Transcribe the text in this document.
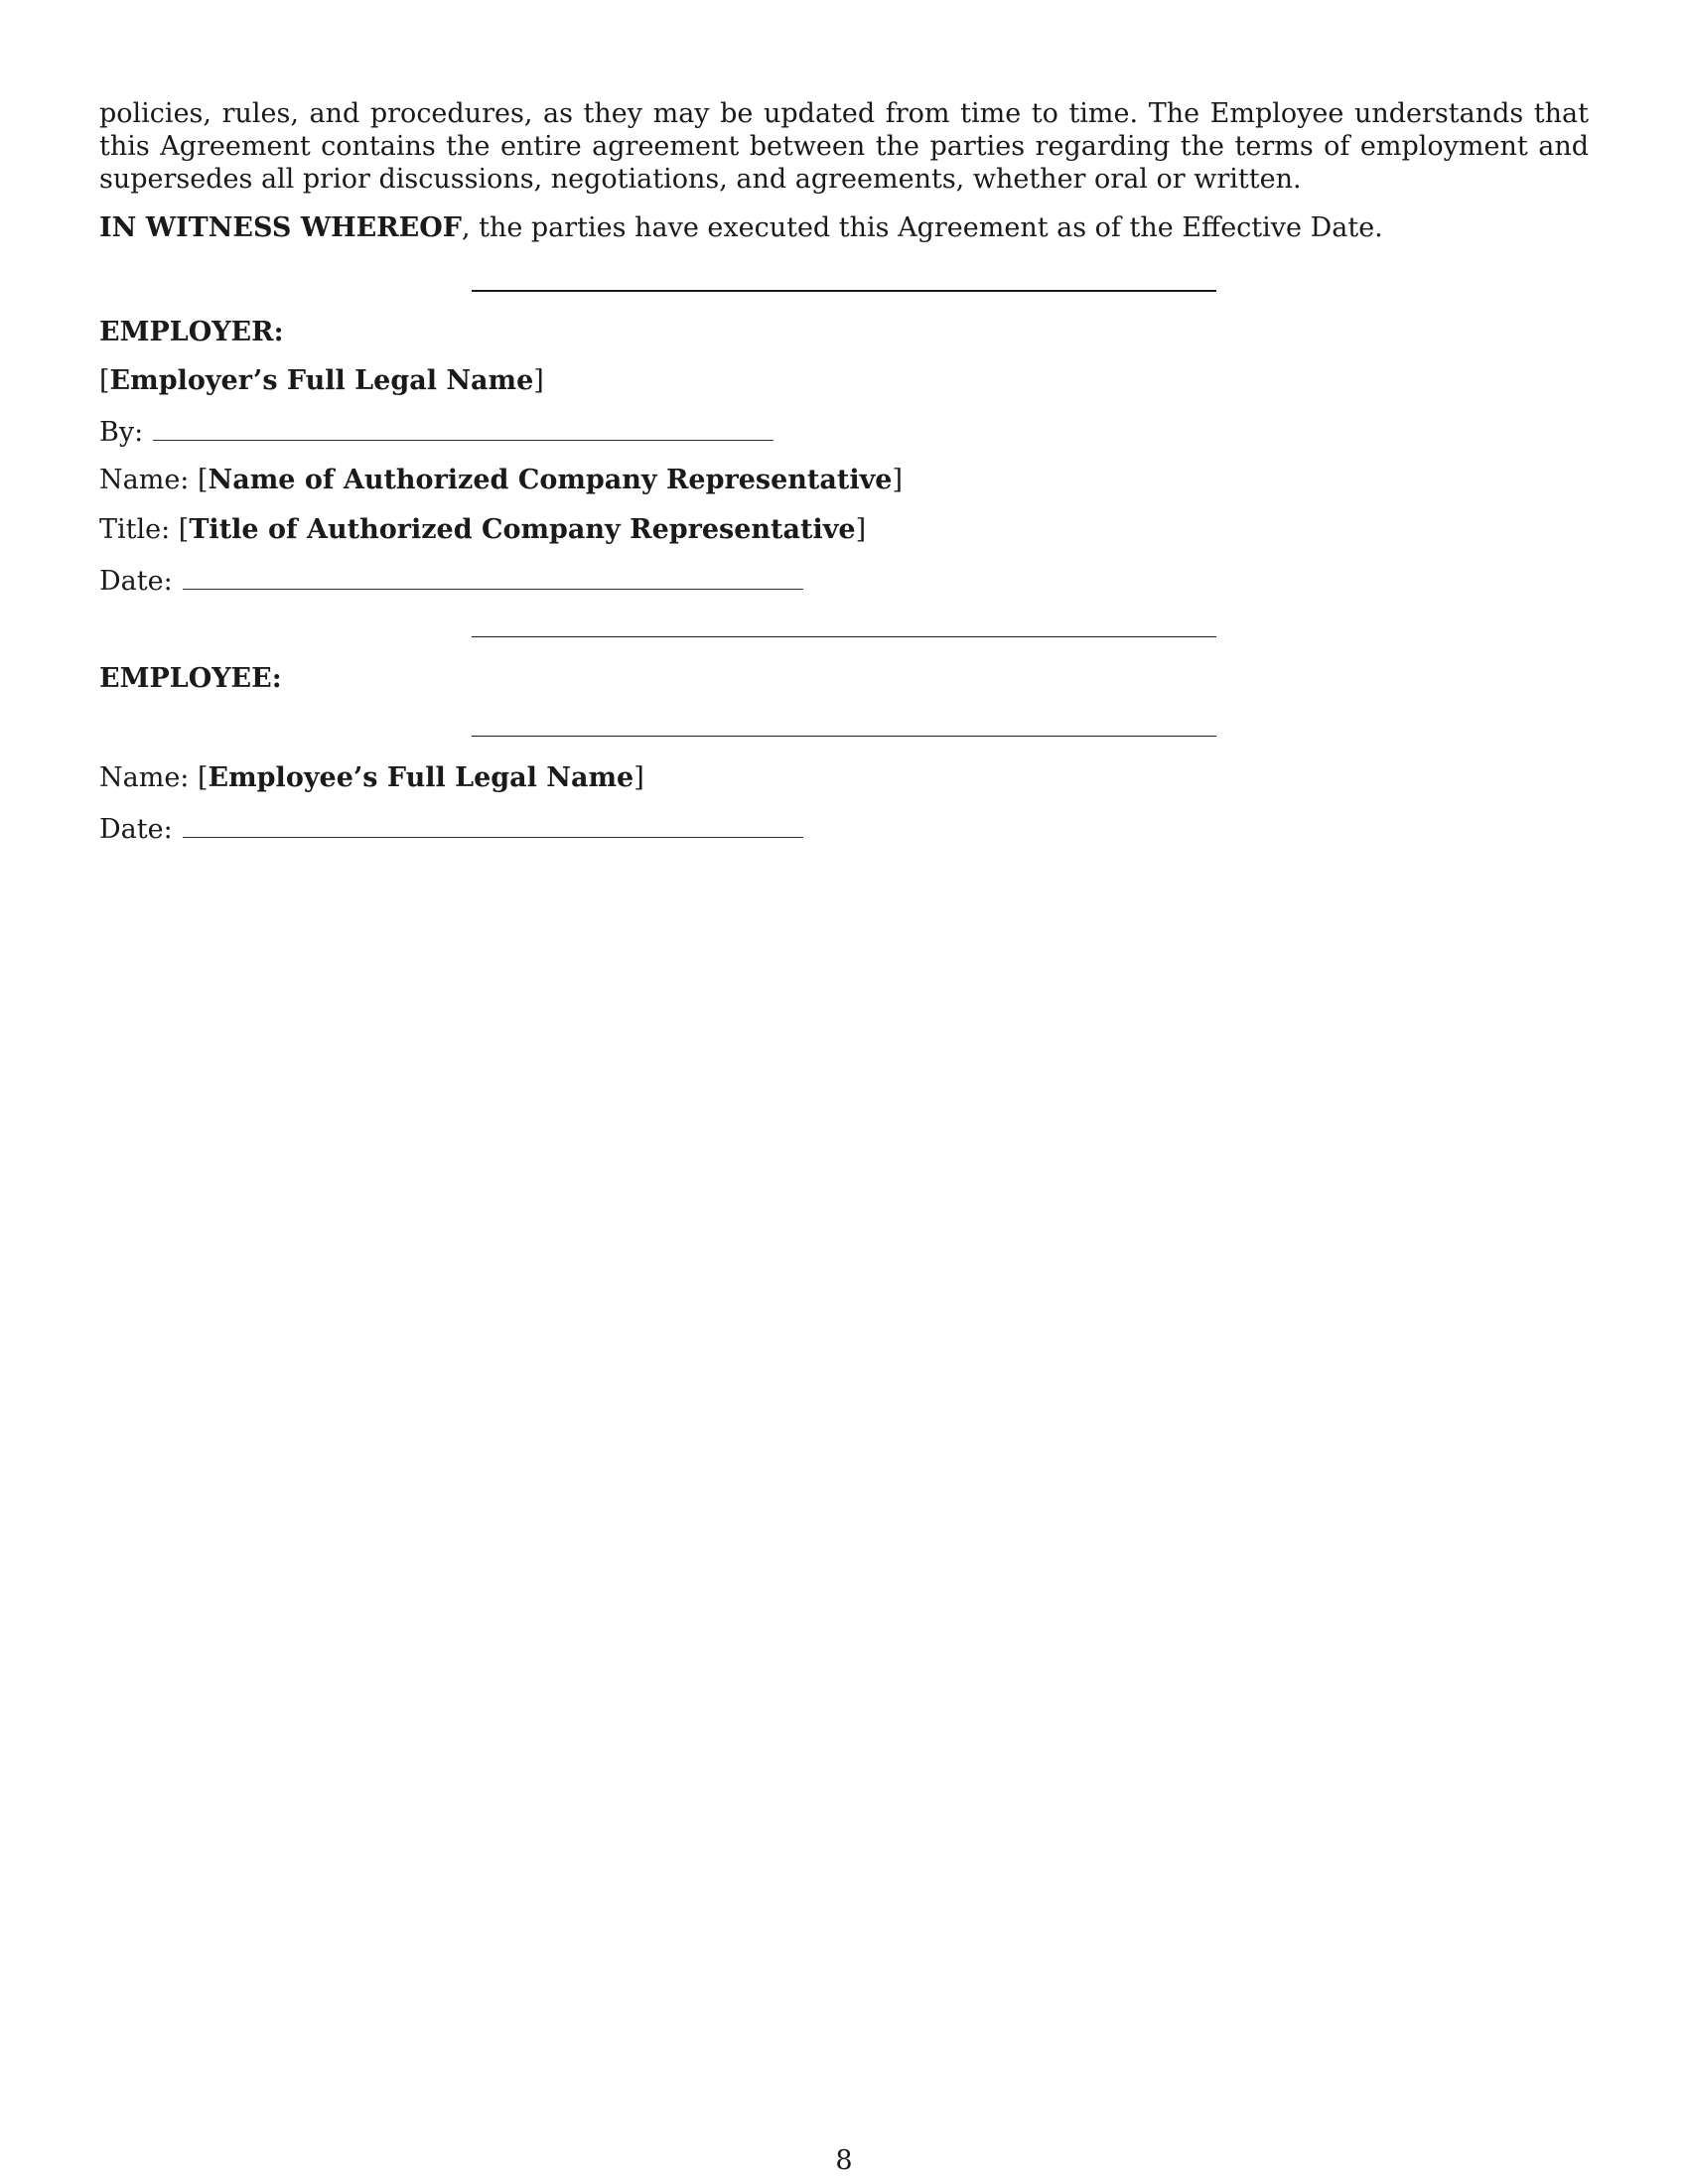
policies, rules, and procedures, as they may be updated from time to time. The Employee understands that this Agreement contains the entire agreement between the parties regarding the terms of employment and supersedes all prior discussions, negotiations, and agreements, whether oral or written.

IN WITNESS WHEREOF, the parties have executed this Agreement as of the Effective Date.

EMPLOYER:
[Employer’s Full Legal Name]
By:
Name: [Name of Authorized Company Representative]
Title: [Title of Authorized Company Representative]
Date:
EMPLOYEE:
Name: [Employee’s Full Legal Name]
Date:
8
